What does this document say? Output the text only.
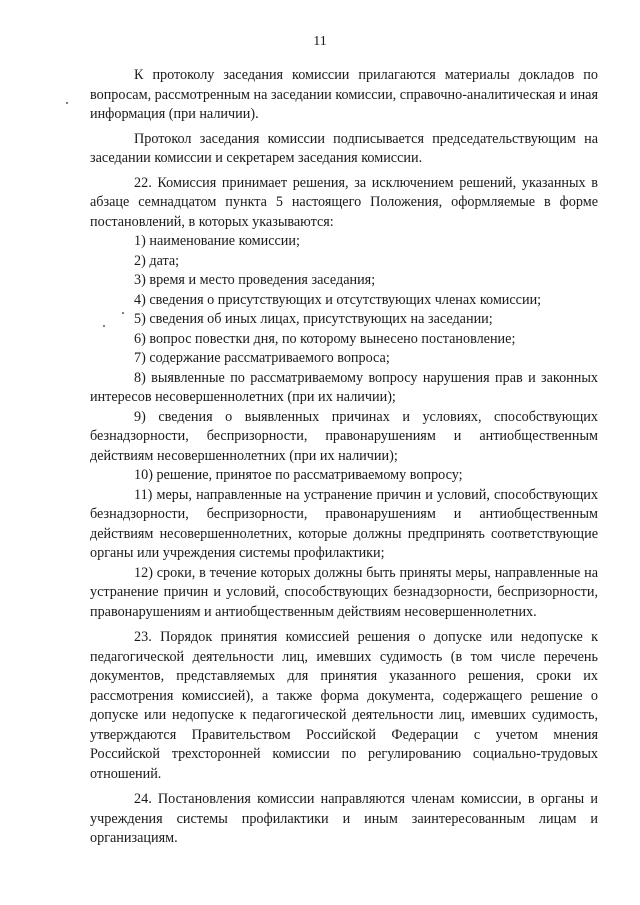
11

К протоколу заседания комиссии прилагаются материалы докладов по вопросам, рассмотренным на заседании комиссии, справочно-аналитическая и иная информация (при наличии).

Протокол заседания комиссии подписывается председательствующим на заседании комиссии и секретарем заседания комиссии.

22. Комиссия принимает решения, за исключением решений, указанных в абзаце семнадцатом пункта 5 настоящего Положения, оформляемые в форме постановлений, в которых указываются:

1) наименование комиссии;

2) дата;

3) время и место проведения заседания;

4) сведения о присутствующих и отсутствующих членах комиссии;

5) сведения об иных лицах, присутствующих на заседании;

6) вопрос повестки дня, по которому вынесено постановление;

7) содержание рассматриваемого вопроса;

8) выявленные по рассматриваемому вопросу нарушения прав и законных интересов несовершеннолетних (при их наличии);

9) сведения о выявленных причинах и условиях, способствующих безнадзорности, беспризорности, правонарушениям и антиобщественным действиям несовершеннолетних (при их наличии);

10) решение, принятое по рассматриваемому вопросу;

11) меры, направленные на устранение причин и условий, способствующих безнадзорности, беспризорности, правонарушениям и антиобщественным действиям несовершеннолетних, которые должны предпринять соответствующие органы или учреждения системы профилактики;

12) сроки, в течение которых должны быть приняты меры, направленные на устранение причин и условий, способствующих безнадзорности, беспризорности, правонарушениям и антиобщественным действиям несовершеннолетних.

23. Порядок принятия комиссией решения о допуске или недопуске к педагогической деятельности лиц, имевших судимость (в том числе перечень документов, представляемых для принятия указанного решения, сроки их рассмотрения комиссией), а также форма документа, содержащего решение о допуске или недопуске к педагогической деятельности лиц, имевших судимость, утверждаются Правительством Российской Федерации с учетом мнения Российской трехсторонней комиссии по регулированию социально-трудовых отношений.

24. Постановления комиссии направляются членам комиссии, в органы и учреждения системы профилактики и иным заинтересованным лицам и организациям.
